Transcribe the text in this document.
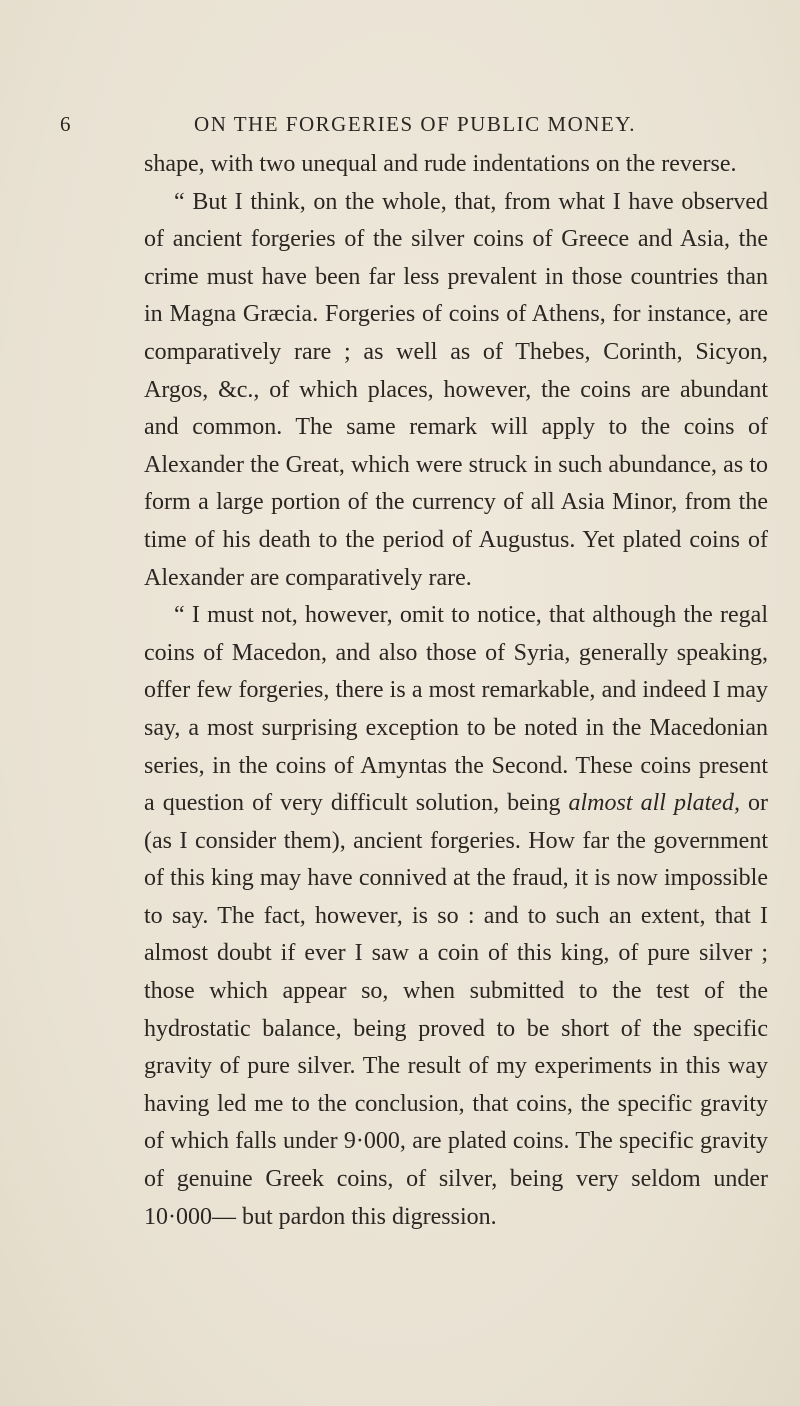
6	ON THE FORGERIES OF PUBLIC MONEY.

shape, with two unequal and rude indentations on the reverse.

“ But I think, on the whole, that, from what I have observed of ancient forgeries of the silver coins of Greece and Asia, the crime must have been far less prevalent in those countries than in Magna Græcia. Forgeries of coins of Athens, for instance, are comparatively rare ; as well as of Thebes, Corinth, Sicyon, Argos, &c., of which places, however, the coins are abundant and common. The same remark will apply to the coins of Alexander the Great, which were struck in such abundance, as to form a large portion of the currency of all Asia Minor, from the time of his death to the period of Augustus. Yet plated coins of Alexander are comparatively rare.

“ I must not, however, omit to notice, that although the regal coins of Macedon, and also those of Syria, generally speaking, offer few forgeries, there is a most remarkable, and indeed I may say, a most surprising exception to be noted in the Macedonian series, in the coins of Amyntas the Second. These coins present a question of very difficult solution, being almost all plated, or (as I consider them), ancient forgeries. How far the government of this king may have connived at the fraud, it is now impossible to say. The fact, however, is so : and to such an extent, that I almost doubt if ever I saw a coin of this king, of pure silver ; those which appear so, when submitted to the test of the hydrostatic balance, being proved to be short of the specific gravity of pure silver. The result of my experiments in this way having led me to the conclusion, that coins, the specific gravity of which falls under 9·000, are plated coins. The specific gravity of genuine Greek coins, of silver, being very seldom under 10·000— but pardon this digression.
